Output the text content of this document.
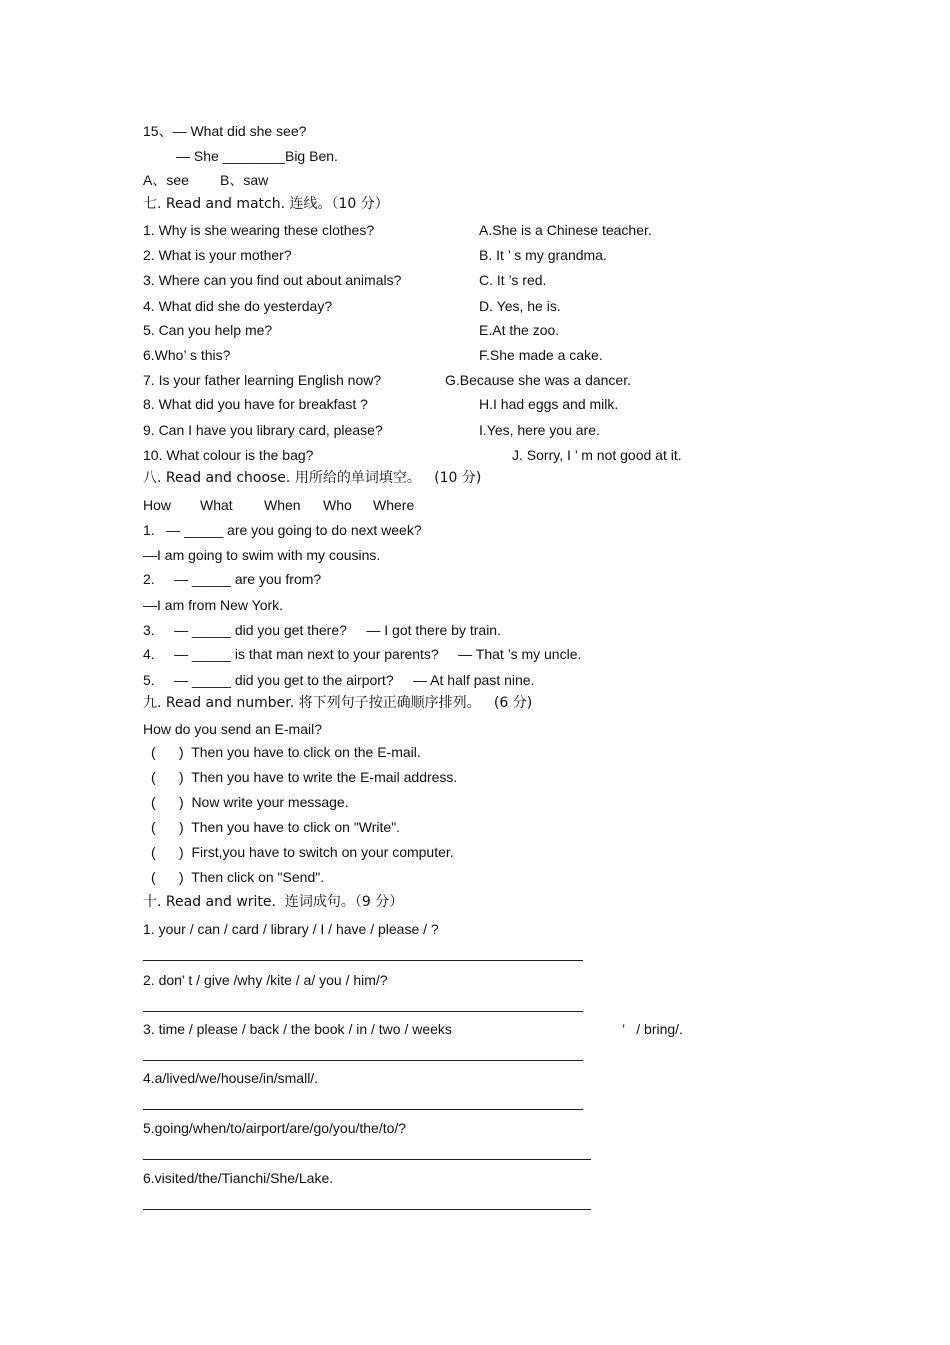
15、— What did she see?
— She ________Big Ben.
A、see        B、saw
七. Read and match. 连线。（10 分）
1. Why is she wearing these clothes?
2. What is your mother?
3. Where can you find out about animals?
4. What did she do yesterday?
5. Can you help me?
6.Who’ s this?
7. Is your father learning English now?
8. What did you have for breakfast ?
9. Can I have you library card, please?
10. What colour is the bag?
A.She is a Chinese teacher.
B. It ’ s my grandma.
C. It ’s red.
D. Yes, he is.
E.At the zoo.
F.She made a cake.
G.Because she was a dancer.
H.I had eggs and milk.
I.Yes, here you are.
J. Sorry, I ’ m not good at it.
八. Read and choose. 用所给的单词填空。   (10 分)
How What When Who Where
1.   — _____ are you going to do next week?
—I am going to swim with my cousins.
2.     — _____ are you from?
—I am from New York.
3.     — _____ did you get there?     — I got there by train.
4.     — _____ is that man next to your parents?     — That ’s my uncle.
5.     — _____ did you get to the airport?     — At half past nine.
九. Read and number. 将下列句子按正确顺序排列。   (6 分)
How do you send an E-mail?
(      )  Then you have to click on the E-mail.
(      )  Then you have to write the E-mail address.
(      )  Now write your message.
(      )  Then you have to click on "Write".
(      )  First,you have to switch on your computer.
(      )  Then click on "Send".
十. Read and write.  连词成句。（9 分）
1. your / can / card / library / I / have / please / ?
2. don’ t / give /why /kite / a/ you / him/?
3. time / please / back / the book / in / two / weeks	’   / bring/.
4.a/lived/we/house/in/small/.
5.going/when/to/airport/are/go/you/the/to/?
6.visited/the/Tianchi/She/Lake.
